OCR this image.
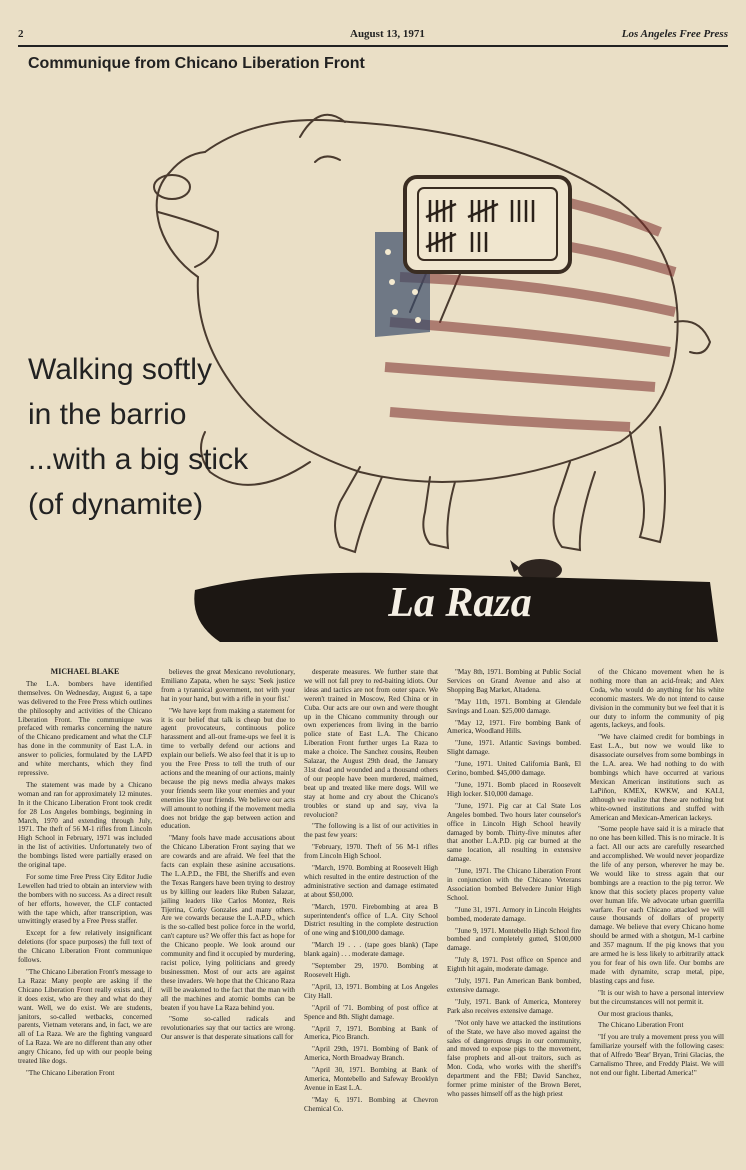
2	August 13, 1971	Los Angeles Free Press
Communique from Chicano Liberation Front
La Raza
Walking softly
in the barrio
...with a big stick
(of dynamite)
MICHAEL BLAKE

The L.A. bombers have identified themselves. On Wednesday, August 6, a tape was delivered to the Free Press which outlines the philosophy and activities of the Chicano Liberation Front. The communique was prefaced with remarks concerning the nature of the Chicano predicament and what the CLF has done in the community of East L.A. in answer to policies, formulated by the LAPD and white merchants, which they find repressive.

The statement was made by a Chicano woman and ran for approximately 12 minutes. In it the Chicano Liberation Front took credit for 28 Los Angeles bombings, beginning in March, 1970 and extending through July, 1971. The theft of 56 M-1 rifles from Lincoln High School in February, 1971 was included in the list of activities. Unfortunately two of the bombings listed were partially erased on the original tape.

For some time Free Press City Editor Judie Lewellen had tried to obtain an interview with the bombers with no success. As a direct result of her efforts, however, the CLF contacted with the tape which, after transcription, was unwittingly erased by a Free Press staffer.

Except for a few relatively insignificant deletions (for space purposes) the full text of the Chicano Liberation Front communique follows.

"The Chicano Liberation Front's message to La Raza: Many people are asking if the Chicano Liberation Front really exists and, if it does exist, who are they and what do they want. Well, we do exist. We are students, janitors, so-called wetbacks, concerned parents, Vietnam veterans and, in fact, we are all of La Raza. We are the fighting vanguard of La Raza. We are no different than any other angry Chicano, fed up with our people being treated like dogs.

"The Chicano Liberation Front

believes the great Mexicano revolutionary, Emiliano Zapata, when he says: 'Seek justice from a tyrannical government, not with your hat in your hand, but with a rifle in your fist.'

"We have kept from making a statement for it is our belief that talk is cheap but due to agent provocateurs, continuous police harassment and all-out frame-ups we feel it is time to verbally defend our actions and explain our beliefs. We also feel that it is up to you the Free Press to tell the truth of our actions and the meaning of our actions, mainly because the pig news media always makes your friends seem like your enemies and your enemies like your friends. We believe our acts will amount to nothing if the movement media does not bridge the gap between action and education.

"Many fools have made accusations about the Chicano Liberation Front saying that we are cowards and are afraid. We feel that the facts can explain these asinine accusations. The L.A.P.D., the FBI, the Sheriffs and even the Texas Rangers have been trying to destroy us by killing our leaders like Ruben Salazar, jailing leaders like Carlos Montez, Reis Tijerina, Corky Gonzales and many others. Are we cowards because the L.A.P.D., which is the so-called best police force in the world, can't capture us? We offer this fact as hope for the Chicano people. We look around our community and find it occupied by murdering, racist police, lying politicians and greedy businessmen. Most of our acts are against these invaders. We hope that the Chicano Raza will be awakened to the fact that the man with all the machines and atomic bombs can be beaten if you have La Raza behind you.

"Some so-called radicals and revolutionaries say that our tactics are wrong. Our answer is that desperate situations call for

desperate measures. We further state that we will not fall prey to red-baiting idiots. Our ideas and tactics are not from outer space. We weren't trained in Moscow, Red China or in Cuba. Our acts are our own and were thought up in the Chicano community through our own experiences from living in the barrio police state of East L.A. The Chicano Liberation Front further urges La Raza to make a choice. The Sanchez cousins, Reuben Salazar, the August 29th dead, the January 31st dead and wounded and a thousand others of our people have been murdered, maimed, beat up and treated like mere dogs. Will we stay at home and cry about the Chicano's troubles or stand up and say, viva la revolucion?

"The following is a list of our activities in the past few years:

"February, 1970. Theft of 56 M-1 rifles from Lincoln High School.

"March, 1970. Bombing at Roosevelt High which resulted in the entire destruction of the administrative section and damage estimated at about $50,000.

"March, 1970. Firebombing at area B superintendent's office of L.A. City School District resulting in the complete destruction of one wing and $100,000 damage.

"March 19 . . . (tape goes blank) (Tape blank again) . . . moderate damage.

"September 29, 1970. Bombing at Roosevelt High.

"April, 13, 1971. Bombing at Los Angeles City Hall.

"April of '71. Bombing of post office at Spence and 8th. Slight damage.

"April 7, 1971. Bombing at Bank of America, Pico Branch.

"April 29th, 1971. Bombing of Bank of America, North Broadway Branch.

"April 30, 1971. Bombing at Bank of America, Montebello and Safeway Brooklyn Avenue in East L.A.

"May 6, 1971. Bombing at Chevron Chemical Co.

"May 8th, 1971. Bombing at Public Social Services on Grand Avenue and also at Shopping Bag Market, Altadena.

"May 11th, 1971. Bombing at Glendale Savings and Loan. $25,000 damage.

"May 12, 1971. Fire bombing Bank of America, Woodland Hills.

"June, 1971. Atlantic Savings bombed. Slight damage.

"June, 1971. United California Bank, El Cerino, bombed. $45,000 damage.

"June, 1971. Bomb placed in Roosevelt High locker. $10,000 damage.

"June, 1971. Pig car at Cal State Los Angeles bombed. Two hours later counselor's office in Lincoln High School heavily damaged by bomb. Thirty-five minutes after that another L.A.P.D. pig car burned at the same location, all resulting in extensive damage.

"June, 1971. The Chicano Liberation Front in conjunction with the Chicano Veterans Association bombed Belvedere Junior High School.

"June 31, 1971. Armory in Lincoln Heights bombed, moderate damage.

"June 9, 1971. Montebello High School fire bombed and completely gutted, $100,000 damage.

"July 8, 1971. Post office on Spence and Eighth hit again, moderate damage.

"July, 1971. Pan American Bank bombed, extensive damage.

"July, 1971. Bank of America, Monterey Park also receives extensive damage.

"Not only have we attacked the institutions of the State, we have also moved against the sales of dangerous drugs in our community, and moved to expose pigs to the movement, false prophets and all-out traitors, such as Mon. Coda, who works with the sheriff's department and the FBI; David Sanchez, former prime minister of the Brown Beret, who passes himself off as the high priest

of the Chicano movement when he is nothing more than an acid-freak; and Alex Coda, who would do anything for his white economic masters. We do not intend to cause division in the community but we feel that it is our duty to inform the community of pig agents, lackeys, and fools.

"We have claimed credit for bombings in East L.A., but now we would like to disassociate ourselves from some bombings in the L.A. area. We had nothing to do with bombings which have occurred at various Mexican American institutions such as LaPiñon, KMEX, KWKW, and KALI, although we realize that these are nothing but white-owned institutions and stuffed with American and Mexican-American lackeys.

"Some people have said it is a miracle that no one has been killed. This is no miracle. It is a fact. All our acts are carefully researched and accomplished. We would never jeopardize the life of any person, wherever he may be. We would like to stress again that our bombings are a reaction to the pig terror. We know that this society places property value over human life. We advocate urban guerrilla warfare. For each Chicano attacked we will cause thousands of dollars of property damage. We believe that every Chicano home should be armed with a shotgun, M-1 carbine and 357 magnum. If the pig knows that you are armed he is less likely to arbitrarily attack you for fear of his own life. Our bombs are made with dynamite, scrap metal, pipe, blasting caps and fuse.

"It is our wish to have a personal interview but the circumstances will not permit it.

Our most gracious thanks,

The Chicano Liberation Front

"If you are truly a movement press you will familiarize yourself with the following cases: that of Alfredo 'Bear' Bryan, Trini Glacias, the Carnalismo Three, and Freddy Plaist. We will not end our fight. Libertad America!"
